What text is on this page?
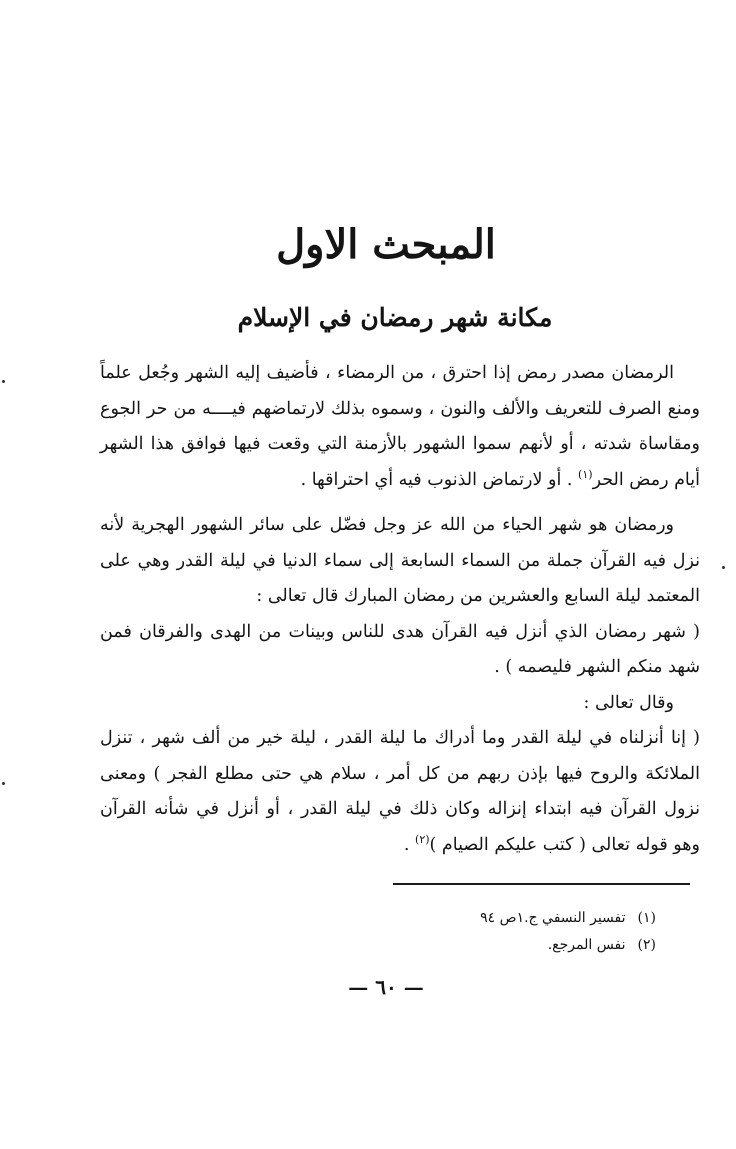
المبحث الاول
مكانة شهر رمضان في الإسلام

الرمضان مصدر رمض إذا احترق ، من الرمضاء ، فأضيف إليه الشهر وجُعل علماً ومنع الصرف للتعريف والألف والنون ، وسموه بذلك لارتماضهم فيــــه من حر الجوع ومقاساة شدته ، أو لأنهم سموا الشهور بالأزمنة التي وقعت فيها فوافق هذا الشهر أيام رمض الحر$^{(١)}$ . أو لارتماض الذنوب فيه أي احتراقها .

ورمضان هو شهر الحياء من الله عز وجل فضّل على سائر الشهور الهجرية لأنه نزل فيه القرآن جملة من السماء السابعة إلى سماء الدنيا في ليلة القدر وهي على المعتمد ليلة السابع والعشرين من رمضان المبارك قال تعالى :

( شهر رمضان الذي أنزل فيه القرآن هدى للناس وبينات من الهدى والفرقان فمن شهد منكم الشهر فليصمه ) .

وقال تعالى :

( إنا أنزلناه في ليلة القدر وما أدراك ما ليلة القدر ، ليلة خير من ألف شهر ، تنزل الملائكة والروح فيها بإذن ربهم من كل أمر ، سلام هي حتى مطلع الفجر ) ومعنى نزول القرآن فيه ابتداء إنزاله وكان ذلك في ليلة القدر ، أو أنزل في شأنه القرآن وهو قوله تعالى ( كتب عليكم الصيام )$^{(٢)}$ .

(١)تفسير النسفي ج.١ص ٩٤
(٢)نفس المرجع.
— ٦٠ —
